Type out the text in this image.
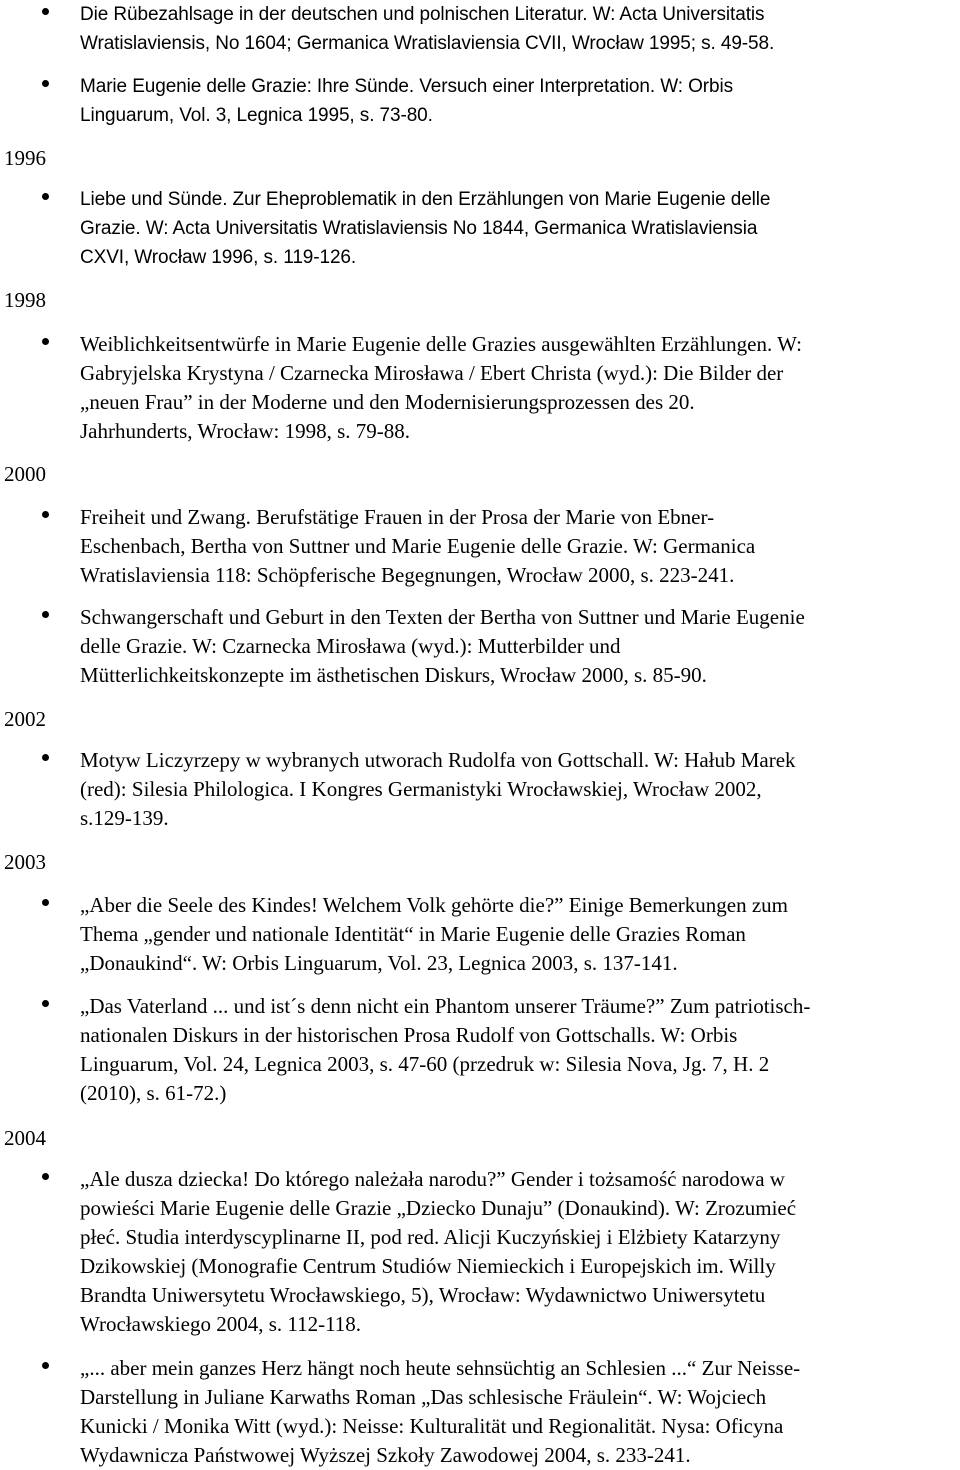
1996
1998
2000
2002
2003
2004

Die Rübezahlsage in der deutschen und polnischen Literatur. W: Acta Universitatis
Wratislaviensis, No 1604; Germanica Wratislaviensia CVII, Wrocław 1995; s. 49-58.

Marie Eugenie delle Grazie: Ihre Sünde. Versuch einer Interpretation. W: Orbis
Linguarum, Vol. 3, Legnica 1995, s. 73-80.

Liebe und Sünde. Zur Eheproblematik in den Erzählungen von Marie Eugenie delle
Grazie. W: Acta Universitatis Wratislaviensis No 1844, Germanica Wratislaviensia
CXVI, Wrocław 1996, s. 119-126.

Weiblichkeitsentwürfe in Marie Eugenie delle Grazies ausgewählten Erzählungen. W:
Gabryjelska Krystyna / Czarnecka Mirosława / Ebert Christa (wyd.): Die Bilder der
„neuen Frau” in der Moderne und den Modernisierungsprozessen des 20.
Jahrhunderts, Wrocław: 1998, s. 79-88.

Freiheit und Zwang. Berufstätige Frauen in der Prosa der Marie von Ebner-
Eschenbach, Bertha von Suttner und Marie Eugenie delle Grazie. W: Germanica
Wratislaviensia 118: Schöpferische Begegnungen, Wrocław 2000, s. 223-241.

Schwangerschaft und Geburt in den Texten der Bertha von Suttner und Marie Eugenie
delle Grazie. W: Czarnecka Mirosława (wyd.): Mutterbilder und
Mütterlichkeitskonzepte im ästhetischen Diskurs, Wrocław 2000, s. 85-90.

Motyw Liczyrzepy w wybranych utworach Rudolfa von Gottschall. W: Hałub Marek
(red): Silesia Philologica. I Kongres Germanistyki Wrocławskiej, Wrocław 2002,
s.129-139.

„Aber die Seele des Kindes! Welchem Volk gehörte die?” Einige Bemerkungen zum
Thema „gender und nationale Identität“ in Marie Eugenie delle Grazies Roman
„Donaukind“. W: Orbis Linguarum, Vol. 23, Legnica 2003, s. 137-141.

„Das Vaterland ... und ist´s denn nicht ein Phantom unserer Träume?” Zum patriotisch-
nationalen Diskurs in der historischen Prosa Rudolf von Gottschalls. W: Orbis
Linguarum, Vol. 24, Legnica 2003, s. 47-60 (przedruk w: Silesia Nova, Jg. 7, H. 2
(2010), s. 61-72.)

„Ale dusza dziecka! Do którego należała narodu?” Gender i tożsamość narodowa w
powieści Marie Eugenie delle Grazie „Dziecko Dunaju” (Donaukind). W: Zrozumieć
płeć. Studia interdyscyplinarne II, pod red. Alicji Kuczyńskiej i Elżbiety Katarzyny
Dzikowskiej (Monografie Centrum Studiów Niemieckich i Europejskich im. Willy
Brandta Uniwersytetu Wrocławskiego, 5), Wrocław: Wydawnictwo Uniwersytetu
Wrocławskiego 2004, s. 112-118.

„... aber mein ganzes Herz hängt noch heute sehnsüchtig an Schlesien ...“ Zur Neisse-
Darstellung in Juliane Karwaths Roman „Das schlesische Fräulein“. W: Wojciech
Kunicki / Monika Witt (wyd.): Neisse: Kulturalität und Regionalität. Nysa: Oficyna
Wydawnicza Państwowej Wyższej Szkoły Zawodowej 2004, s. 233-241.
